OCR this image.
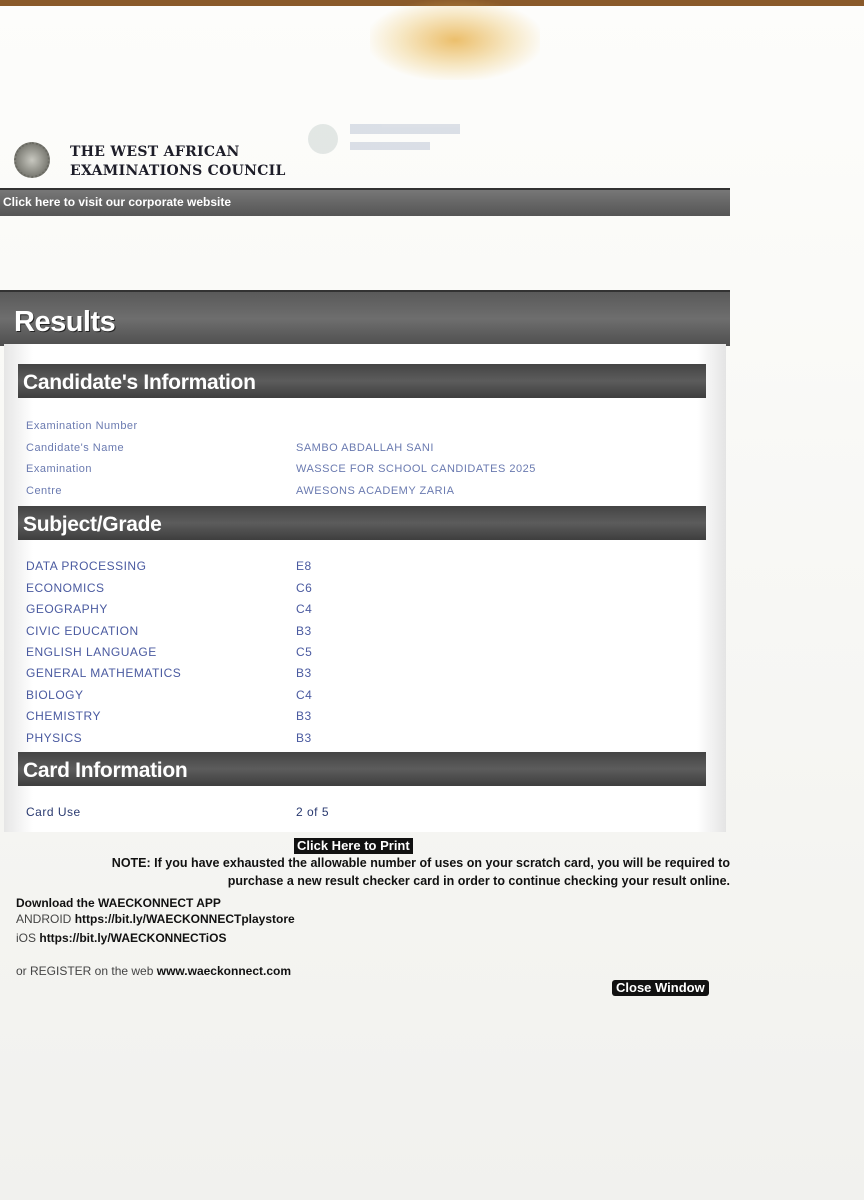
THE WEST AFRICAN
EXAMINATIONS COUNCIL
Click here to visit our corporate website
Results
Candidate's Information
Examination Number
Candidate's Name	SAMBO ABDALLAH SANI
Examination	WASSCE FOR SCHOOL CANDIDATES 2025
Centre	AWESONS ACADEMY ZARIA
Subject/Grade
DATA PROCESSING	E8
ECONOMICS	C6
GEOGRAPHY	C4
CIVIC EDUCATION	B3
ENGLISH LANGUAGE	C5
GENERAL MATHEMATICS	B3
BIOLOGY	C4
CHEMISTRY	B3
PHYSICS	B3
Card Information
Card Use	2 of 5
Click Here to Print
NOTE: If you have exhausted the allowable number of uses on your scratch card, you will be required to
purchase a new result checker card in order to continue checking your result online.
Download the WAECKONNECT APP
ANDROID https://bit.ly/WAECKONNECTplaystore
iOS https://bit.ly/WAECKONNECTiOS
or REGISTER on the web www.waeckonnect.com
Close Window
